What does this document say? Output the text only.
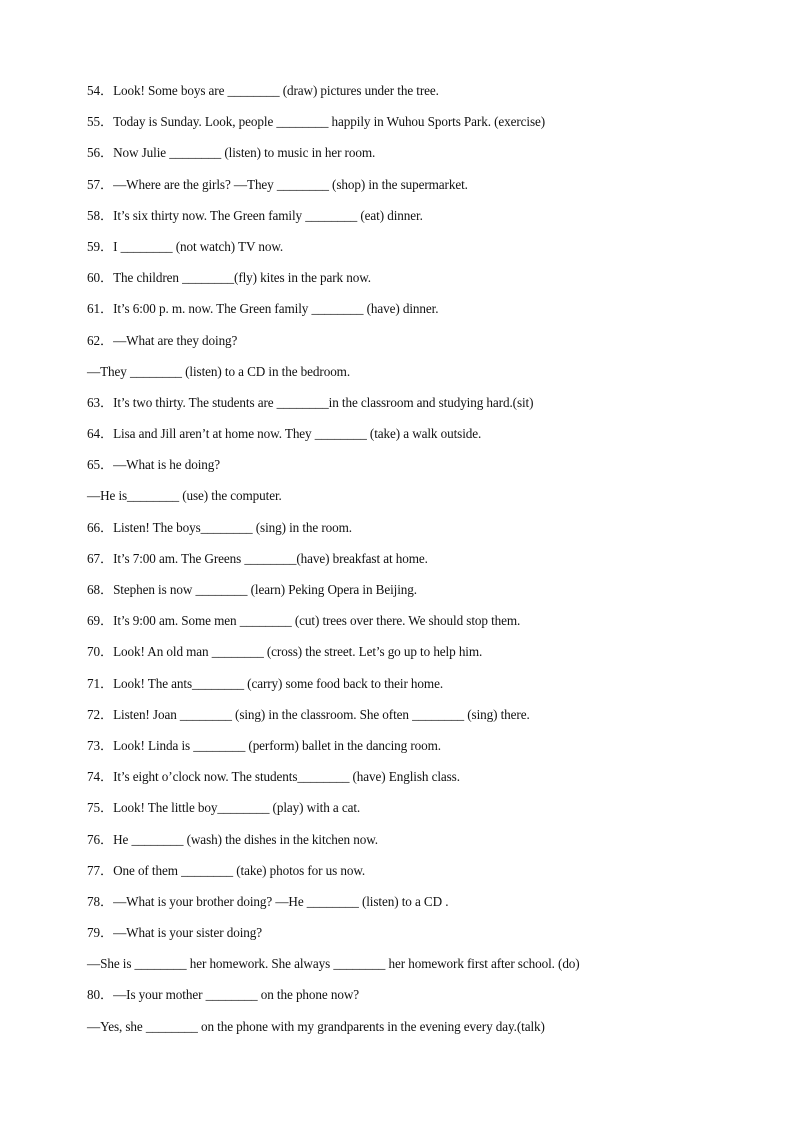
54．Look! Some boys are ________ (draw) pictures under the tree.
55．Today is Sunday. Look, people ________ happily in Wuhou Sports Park. (exercise)
56．Now Julie ________ (listen) to music in her room.
57．—Where are the girls? —They ________ (shop) in the supermarket.
58．It’s six thirty now. The Green family ________ (eat) dinner.
59．I ________ (not watch) TV now.
60．The children ________(fly) kites in the park now.
61．It’s 6:00 p. m. now. The Green family ________ (have) dinner.
62．—What are they doing?
—They ________ (listen) to a CD in the bedroom.
63．It’s two thirty. The students are ________in the classroom and studying hard.(sit)
64．Lisa and Jill aren’t at home now. They ________ (take) a walk outside.
65．—What is he doing?
—He is________ (use) the computer.
66．Listen! The boys________ (sing) in the room.
67．It’s 7:00 am. The Greens ________(have) breakfast at home.
68．Stephen is now ________ (learn) Peking Opera in Beijing.
69．It’s 9:00 am. Some men ________ (cut) trees over there. We should stop them.
70．Look! An old man ________ (cross) the street. Let’s go up to help him.
71．Look! The ants________ (carry) some food back to their home.
72．Listen! Joan ________ (sing) in the classroom. She often ________ (sing) there.
73．Look! Linda is ________ (perform) ballet in the dancing room.
74．It’s eight o’clock now. The students________ (have) English class.
75．Look! The little boy________ (play) with a cat.
76．He ________ (wash) the dishes in the kitchen now.
77．One of them ________ (take) photos for us now.
78．—What is your brother doing? —He ________ (listen) to a CD .
79．—What is your sister doing?
—She is ________ her homework. She always ________ her homework first after school. (do)
80．—Is your mother ________ on the phone now?
—Yes, she ________ on the phone with my grandparents in the evening every day.(talk)
